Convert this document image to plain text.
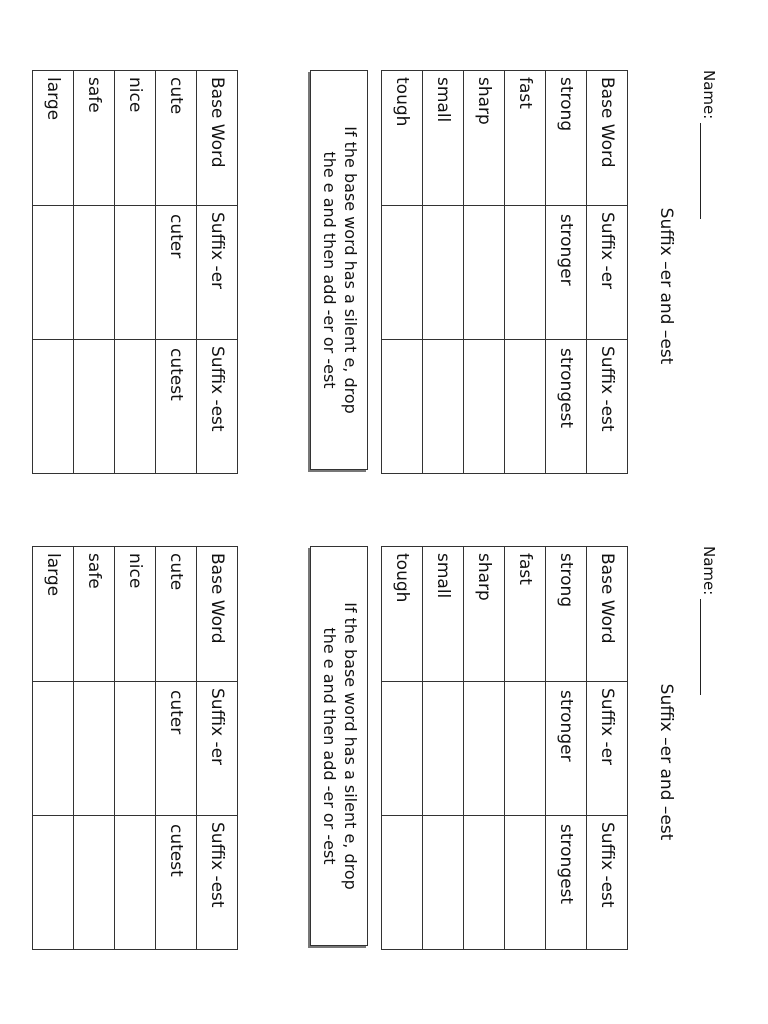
Name:
Suffix –er and –est
Base Word	Suffix -er	Suffix -est
strong	stronger	strongest
fast		
sharp		
small		
tough		
If the base word has a silent e, drop
the e and then add -er or -est
Base Word	Suffix -er	Suffix -est
cute	cuter	cutest
nice		
safe		
large		
Name:
Suffix –er and –est
Base Word	Suffix -er	Suffix -est
strong	stronger	strongest
fast		
sharp		
small		
tough		
If the base word has a silent e, drop
the e and then add -er or -est
Base Word	Suffix -er	Suffix -est
cute	cuter	cutest
nice		
safe		
large		
